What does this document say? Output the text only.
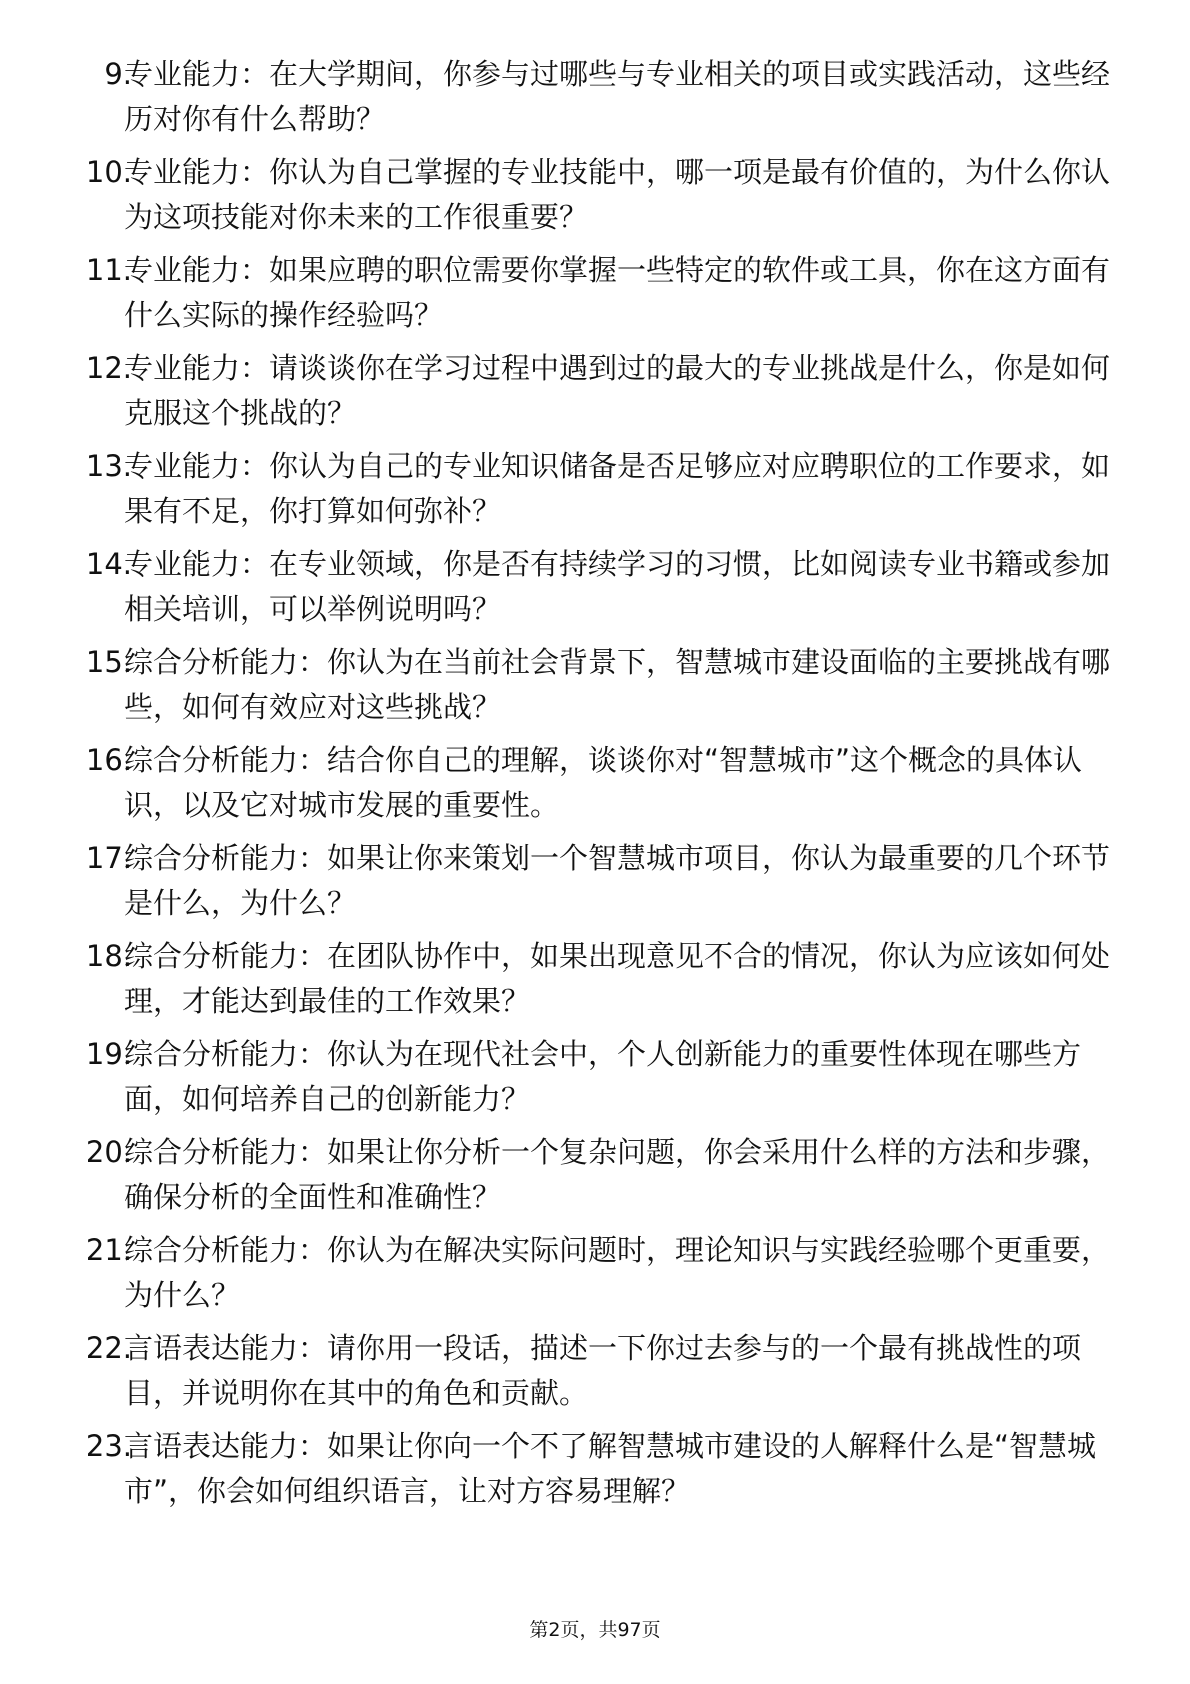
9.
专业能力：在大学期间，你参与过哪些与专业相关的项目或实践活动，这些经历对你有什么帮助？
10.
专业能力：你认为自己掌握的专业技能中，哪一项是最有价值的，为什么你认为这项技能对你未来的工作很重要？
11.
专业能力：如果应聘的职位需要你掌握一些特定的软件或工具，你在这方面有什么实际的操作经验吗？
12.
专业能力：请谈谈你在学习过程中遇到过的最大的专业挑战是什么，你是如何克服这个挑战的？
13.
专业能力：你认为自己的专业知识储备是否足够应对应聘职位的工作要求，如果有不足，你打算如何弥补？
14.
专业能力：在专业领域，你是否有持续学习的习惯，比如阅读专业书籍或参加相关培训，可以举例说明吗？
15.
综合分析能力：你认为在当前社会背景下，智慧城市建设面临的主要挑战有哪些，如何有效应对这些挑战？
16.
综合分析能力：结合你自己的理解，谈谈你对“智慧城市”这个概念的具体认识，以及它对城市发展的重要性。
17.
综合分析能力：如果让你来策划一个智慧城市项目，你认为最重要的几个环节是什么，为什么？
18.
综合分析能力：在团队协作中，如果出现意见不合的情况，你认为应该如何处理，才能达到最佳的工作效果？
19.
综合分析能力：你认为在现代社会中，个人创新能力的重要性体现在哪些方面，如何培养自己的创新能力？
20.
综合分析能力：如果让你分析一个复杂问题，你会采用什么样的方法和步骤，确保分析的全面性和准确性？
21.
综合分析能力：你认为在解决实际问题时，理论知识与实践经验哪个更重要，为什么？
22.
言语表达能力：请你用一段话，描述一下你过去参与的一个最有挑战性的项目，并说明你在其中的角色和贡献。
23.
言语表达能力：如果让你向一个不了解智慧城市建设的人解释什么是“智慧城市”，你会如何组织语言，让对方容易理解？
第2页，共97页
